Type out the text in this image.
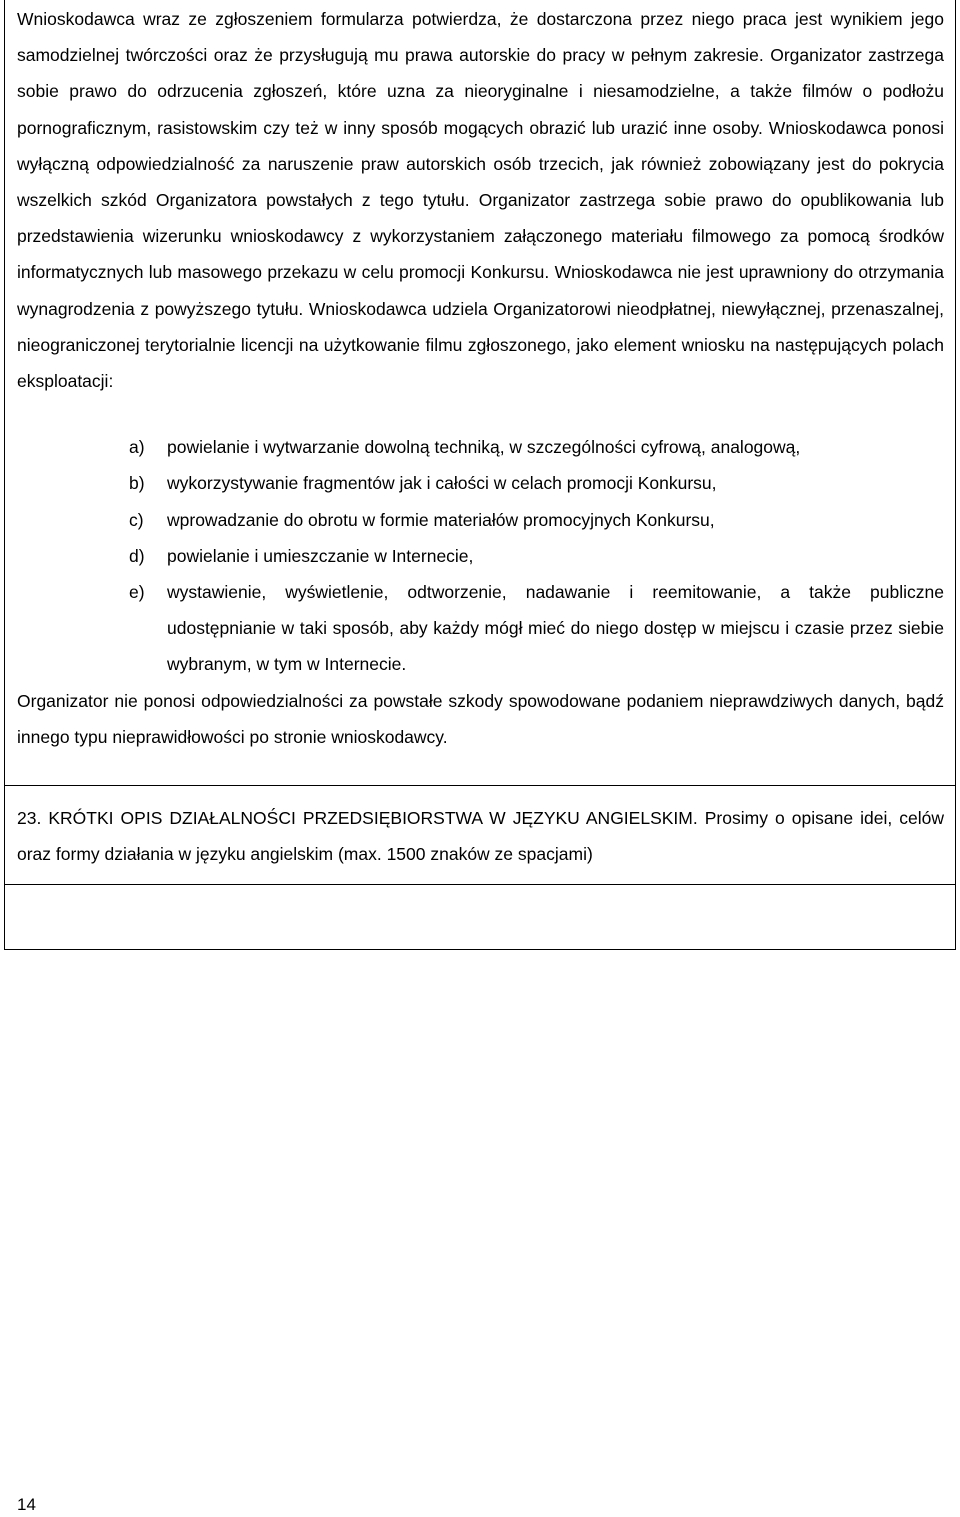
Wnioskodawca wraz ze zgłoszeniem formularza potwierdza, że dostarczona przez niego praca jest wynikiem jego samodzielnej twórczości oraz że przysługują mu prawa autorskie do pracy w pełnym zakresie. Organizator zastrzega sobie prawo do odrzucenia zgłoszeń, które uzna za nieoryginalne i niesamodzielne, a także filmów o podłożu pornograficznym, rasistowskim czy też w inny sposób mogących obrazić lub urazić inne osoby. Wnioskodawca ponosi wyłączną odpowiedzialność za naruszenie praw autorskich osób trzecich, jak również zobowiązany jest do pokrycia wszelkich szkód Organizatora powstałych z tego tytułu. Organizator zastrzega sobie prawo do opublikowania lub przedstawienia wizerunku wnioskodawcy z wykorzystaniem załączonego materiału filmowego za pomocą środków informatycznych lub masowego przekazu w celu promocji Konkursu. Wnioskodawca nie jest uprawniony do otrzymania wynagrodzenia z powyższego tytułu. Wnioskodawca udziela Organizatorowi nieodpłatnej, niewyłącznej, przenaszalnej, nieograniczonej terytorialnie licencji na użytkowanie filmu zgłoszonego, jako element wniosku na następujących polach eksploatacji:

a) powielanie i wytwarzanie dowolną techniką, w szczególności cyfrową, analogową,
b) wykorzystywanie fragmentów jak i całości w celach promocji Konkursu,
c) wprowadzanie do obrotu w formie materiałów promocyjnych Konkursu,
d) powielanie i umieszczanie w Internecie,
e) wystawienie, wyświetlenie, odtworzenie, nadawanie i reemitowanie, a także publiczne udostępnianie w taki sposób, aby każdy mógł mieć do niego dostęp w miejscu i czasie przez siebie wybranym, w tym w Internecie.

Organizator nie ponosi odpowiedzialności za powstałe szkody spowodowane podaniem nieprawdziwych danych, bądź innego typu nieprawidłowości po stronie wnioskodawcy.

23. KRÓTKI OPIS DZIAŁALNOŚCI PRZEDSIĘBIORSTWA W JĘZYKU ANGIELSKIM. Prosimy o opisane idei, celów oraz formy działania w języku angielskim (max. 1500 znaków ze spacjami)
14
